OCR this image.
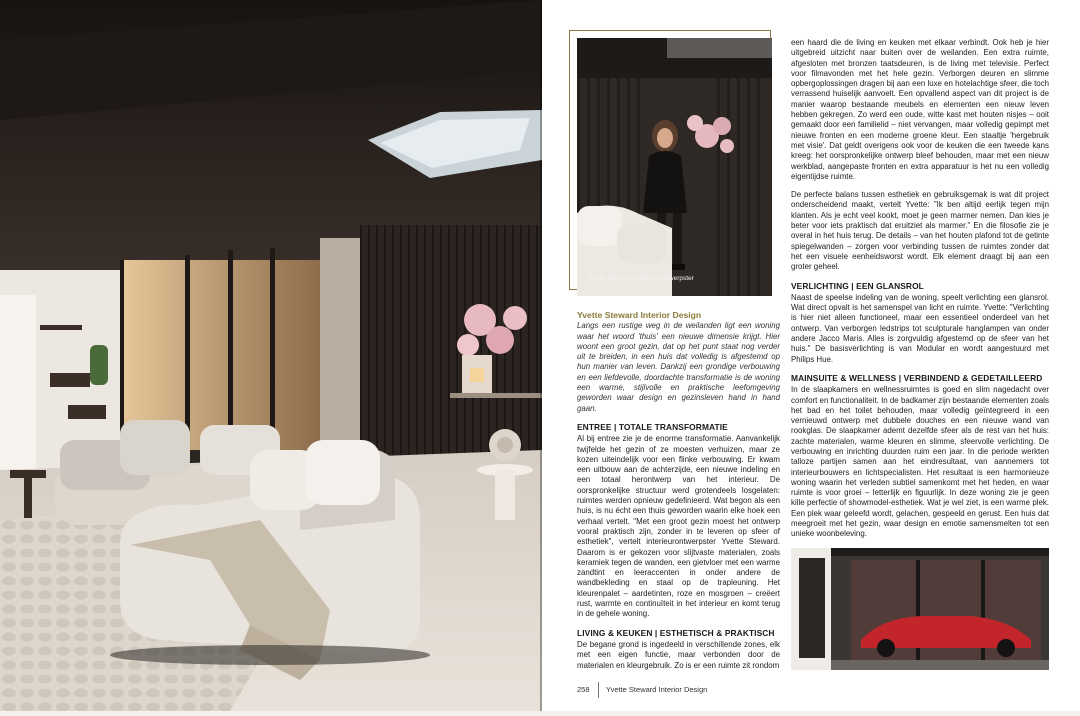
Yvette Steward | Interieurontwerpster
Yvette Steward Interior Design

Langs een rustige weg in de weilanden ligt een woning waar het woord 'thuis' een nieuwe dimensie krijgt. Hier woont een groot gezin, dat op het punt staat nog verder uit te breiden, in een huis dat volledig is afgestemd op hun manier van leven. Dankzij een grondige verbouwing en een liefdevolle, doordachte transformatie is de woning een warme, stijlvolle en praktische leefomgeving geworden waar design en gezinsleven hand in hand gaan.

ENTREE | TOTALE TRANSFORMATIE

Al bij entree zie je de enorme transformatie. Aanvankelijk twijfelde het gezin of ze moesten verhuizen, maar ze kozen uiteindelijk voor een flinke verbouwing. Er kwam een uitbouw aan de achterzijde, een nieuwe indeling en een totaal herontwerp van het interieur. De oorspronkelijke structuur werd grotendeels losgelaten: ruimtes werden opnieuw gedefinieerd. Wat begon als een huis, is nu écht een thuis geworden waarin elke hoek een verhaal vertelt. "Met een groot gezin moest het ontwerp vooral praktisch zijn, zonder in te leveren op sfeer of esthetiek", vertelt interieurontwerpster Yvette Steward. Daarom is er gekozen voor slijtvaste materialen, zoals keramiek tegen de wanden, een gietvloer met een warme zandtint en leeraccenten in onder andere de wandbekleding en staal op de trapleuning. Het kleurenpalet – aardetinten, roze en mosgroen – creëert rust, warmte en continuïteit in het interieur en komt terug in de gehele woning.

LIVING & KEUKEN | ESTHETISCH & PRAKTISCH

De begane grond is ingedeeld in verschillende zones, elk met een eigen functie, maar verbonden door de materialen en kleurgebruik. Zo is er een ruimte zit rondom

een haard die de living en keuken met elkaar verbindt. Ook heb je hier uitgebreid uitzicht naar buiten over de weilanden. Een extra ruimte, afgesloten met bronzen taatsdeuren, is de living met televisie. Perfect voor filmavonden met het hele gezin. Verborgen deuren en slimme opbergoplossingen dragen bij aan een luxe en hotelachtige sfeer, die toch verrassend huiselijk aanvoelt. Een opvallend aspect van dit project is de manier waarop bestaande meubels en elementen een nieuw leven hebben gekregen. Zo werd een oude, witte kast met houten nisjes – ooit gemaakt door een familielid – niet vervangen, maar volledig gepimpt met nieuwe fronten en een moderne groene kleur. Een staaltje 'hergebruik met visie'. Dat geldt overigens ook voor de keuken die een tweede kans kreeg: het oorspronkelijke ontwerp bleef behouden, maar met een nieuw werkblad, aangepaste fronten en extra apparatuur is het nu een volledig eigentijdse ruimte.

De perfecte balans tussen esthetiek en gebruiksgemak is wat dit project onderscheidend maakt, vertelt Yvette: "Ik ben altijd eerlijk tegen mijn klanten. Als je echt veel kookt, moet je geen marmer nemen. Dan kies je beter voor iets praktisch dat eruitziet als marmer." En die filosofie zie je overal in het huis terug. De details – van het houten plafond tot de getinte spiegelwanden – zorgen voor verbinding tussen de ruimtes zonder dat het een visuele eenheidsworst wordt. Elk element draagt bij aan een groter geheel.

VERLICHTING | EEN GLANSROL

Naast de speelse indeling van de woning, speelt verlichting een glansrol. Wat direct opvalt is het samenspel van licht en ruimte. Yvette: "Verlichting is hier niet alleen functioneel, maar een essentieel onderdeel van het ontwerp. Van verborgen ledstrips tot sculpturale hanglampen van onder andere Jacco Maris. Alles is zorgvuldig afgestemd op de sfeer van het huis." De basisverlichting is van Modular en wordt aangestuurd met Philips Hue.

MAINSUITE & WELLNESS | VERBINDEND & GEDETAILLEERD

In de slaapkamers en wellnessruimtes is goed en slim nagedacht over comfort en functionaliteit. In de badkamer zijn bestaande elementen zoals het bad en het toilet behouden, maar volledig geïntegreerd in een vernieuwd ontwerp met dubbele douches en een nieuwe wand van rookglas. De slaapkamer ademt dezelfde sfeer als de rest van het huis: zachte materialen, warme kleuren en slimme, sfeervolle verlichting. De verbouwing en inrichting duurden ruim een jaar. In die periode werkten talloze partijen samen aan het eindresultaat, van aannemers tot interieurbouwers en lichtspecialisten. Het resultaat is een harmonieuze woning waarin het verleden subtiel samenkomt met het heden, en waar ruimte is voor groei – letterlijk en figuurlijk. In deze woning zie je geen kille perfectie of showmodel-esthetiek. Wat je wel ziet, is een warme plek. Een plek waar geleefd wordt, gelachen, gespeeld en gerust. Een huis dat meegroeit met het gezin, waar design en emotie samensmelten tot een unieke woonbeleving.

258 Yvette Steward Interior Design
